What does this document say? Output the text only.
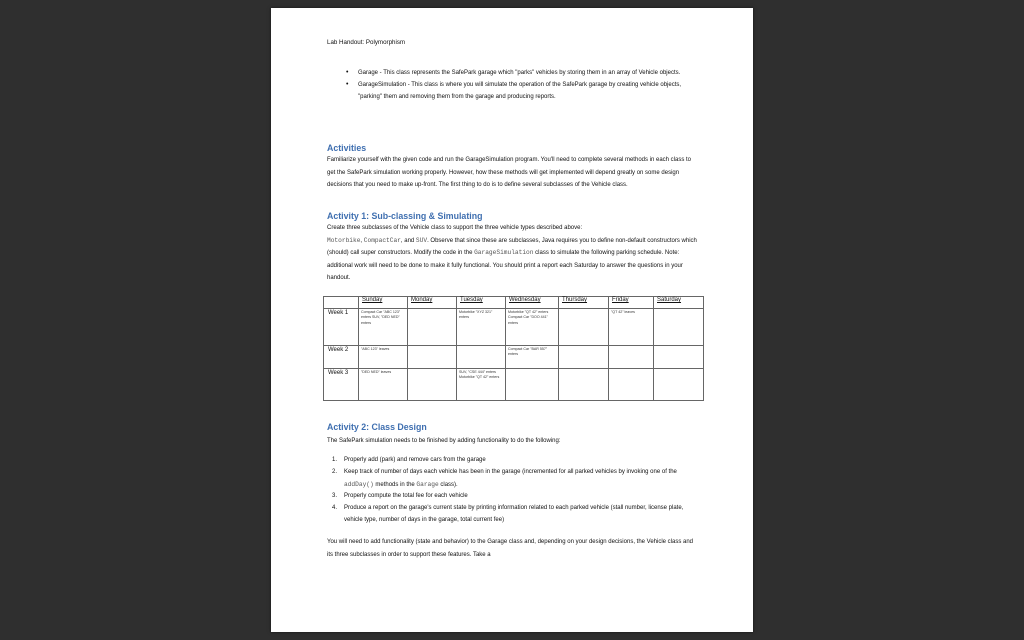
Lab Handout: Polymorphism
• Garage - This class represents the SafePark garage which "parks" vehicles by storing them in an array of Vehicle objects.
• GarageSimulation - This class is where you will simulate the operation of the SafePark garage by creating vehicle objects, "parking" them and removing them from the garage and producing reports.
Activities
Familiarize yourself with the given code and run the GarageSimulation program. You'll need to complete several methods in each class to get the SafePark simulation working properly. However, how these methods will get implemented will depend greatly on some design decisions that you need to make up-front. The first thing to do is to define several subclasses of the Vehicle class.
Activity 1: Sub-classing & Simulating
Create three subclasses of the Vehicle class to support the three vehicle types described above:
Motorbike, CompactCar, and SUV. Observe that since these are subclasses, Java requires you to define non-default constructors which (should) call super constructors. Modify the code in the GarageSimulation class to simulate the following parking schedule. Note: additional work will need to be done to make it fully functional. You should print a report each Saturday to answer the questions in your handout.
	Sunday	Monday	Tuesday	Wednesday	Thursday	Friday	Saturday
Week 1	Compact Car "ABC 123" enters SUV, "DED NED" enters		Motorbike "XYZ 321" enters	Motorbike "QT 42" enters Compact Car "DOO 441" enters		"QT 42" leaves	
Week 2	"ABC 123" leaves			Compact Car "BAR 557" enters			
Week 3	"DED NED" leaves		SUV, "CSE 444" enters Motorbike "QT 42" enters				
Activity 2: Class Design
The SafePark simulation needs to be finished by adding functionality to do the following:
1. Properly add (park) and remove cars from the garage
2. Keep track of number of days each vehicle has been in the garage (incremented for all parked vehicles by invoking one of the addDay() methods in the Garage class).
3. Properly compute the total fee for each vehicle
4. Produce a report on the garage's current state by printing information related to each parked vehicle (stall number, license plate, vehicle type, number of days in the garage, total current fee)
You will need to add functionality (state and behavior) to the Garage class and, depending on your design decisions, the Vehicle class and its three subclasses in order to support these features. Take a
